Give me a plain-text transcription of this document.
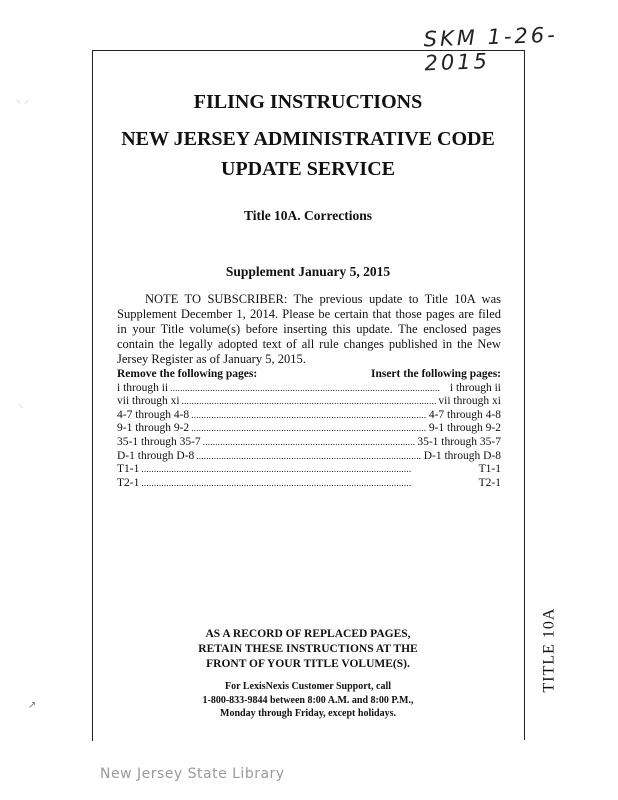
SKM 1-26-2015
TITLE 10A
⸌ ⸍
⸜
↗
FILING INSTRUCTIONS
NEW JERSEY ADMINISTRATIVE CODE
UPDATE SERVICE
Title 10A. Corrections
Supplement January 5, 2015

NOTE TO SUBSCRIBER: The previous update to Title 10A was Supplement December 1, 2014. Please be certain that those pages are filed in your Title volume(s) before inserting this update. The enclosed pages contain the legally adopted text of all rule changes published in the New Jersey Register as of January 5, 2015.

Remove the following pages:	Insert the following pages:
i through ii . . .	i through ii
vii through xi . . .	vii through xi
4-7 through 4-8 . . .	4-7 through 4-8
9-1 through 9-2 . . .	9-1 through 9-2
35-1 through 35-7 . . .	35-1 through 35-7
D-1 through D-8 . . .	D-1 through D-8
T1-1 . . .	T1-1
T2-1 . . .	T2-1
AS A RECORD OF REPLACED PAGES,
RETAIN THESE INSTRUCTIONS AT THE
FRONT OF YOUR TITLE VOLUME(S).
For LexisNexis Customer Support, call
1-800-833-9844 between 8:00 A.M. and 8:00 P.M.,
Monday through Friday, except holidays.
New Jersey State Library
